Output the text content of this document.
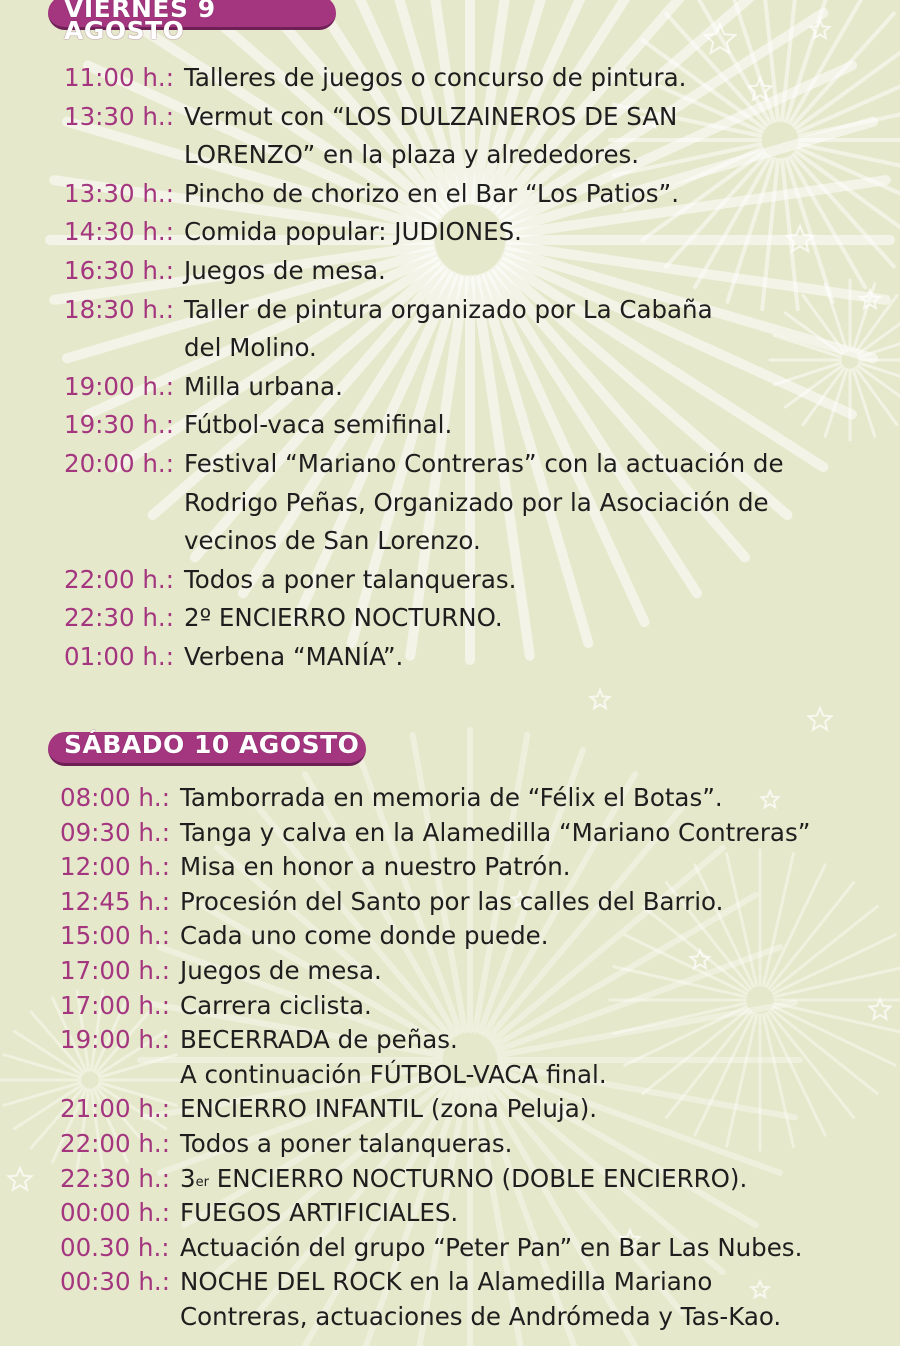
VIERNES 9 AGOSTO
11:00 h.: Talleres de juegos o concurso de pintura.
13:30 h.: Vermut con “LOS DULZAINEROS DE SAN
LORENZO” en la plaza y alrededores.
13:30 h.: Pincho de chorizo en el Bar “Los Patios”.
14:30 h.: Comida popular: JUDIONES.
16:30 h.: Juegos de mesa.
18:30 h.: Taller de pintura organizado por La Cabaña
del Molino.
19:00 h.: Milla urbana.
19:30 h.: Fútbol-vaca semifinal.
20:00 h.: Festival “Mariano Contreras” con la actuación de
Rodrigo Peñas, Organizado por la Asociación de
vecinos de San Lorenzo.
22:00 h.: Todos a poner talanqueras.
22:30 h.: 2º ENCIERRO NOCTURNO.
01:00 h.: Verbena “MANÍA”.
SÁBADO 10 AGOSTO
08:00 h.: Tamborrada en memoria de “Félix el Botas”.
09:30 h.: Tanga y calva en la Alamedilla “Mariano Contreras”
12:00 h.: Misa en honor a nuestro Patrón.
12:45 h.: Procesión del Santo por las calles del Barrio.
15:00 h.: Cada uno come donde puede.
17:00 h.: Juegos de mesa.
17:00 h.: Carrera ciclista.
19:00 h.: BECERRADA de peñas.
A continuación FÚTBOL-VACA final.
21:00 h.: ENCIERRO INFANTIL (zona Peluja).
22:00 h.: Todos a poner talanqueras.
22:30 h.: 3er ENCIERRO NOCTURNO (DOBLE ENCIERRO).
00:00 h.: FUEGOS ARTIFICIALES.
00.30 h.: Actuación del grupo “Peter Pan” en Bar Las Nubes.
00:30 h.: NOCHE DEL ROCK en la Alamedilla Mariano
Contreras, actuaciones de Andrómeda y Tas-Kao.
